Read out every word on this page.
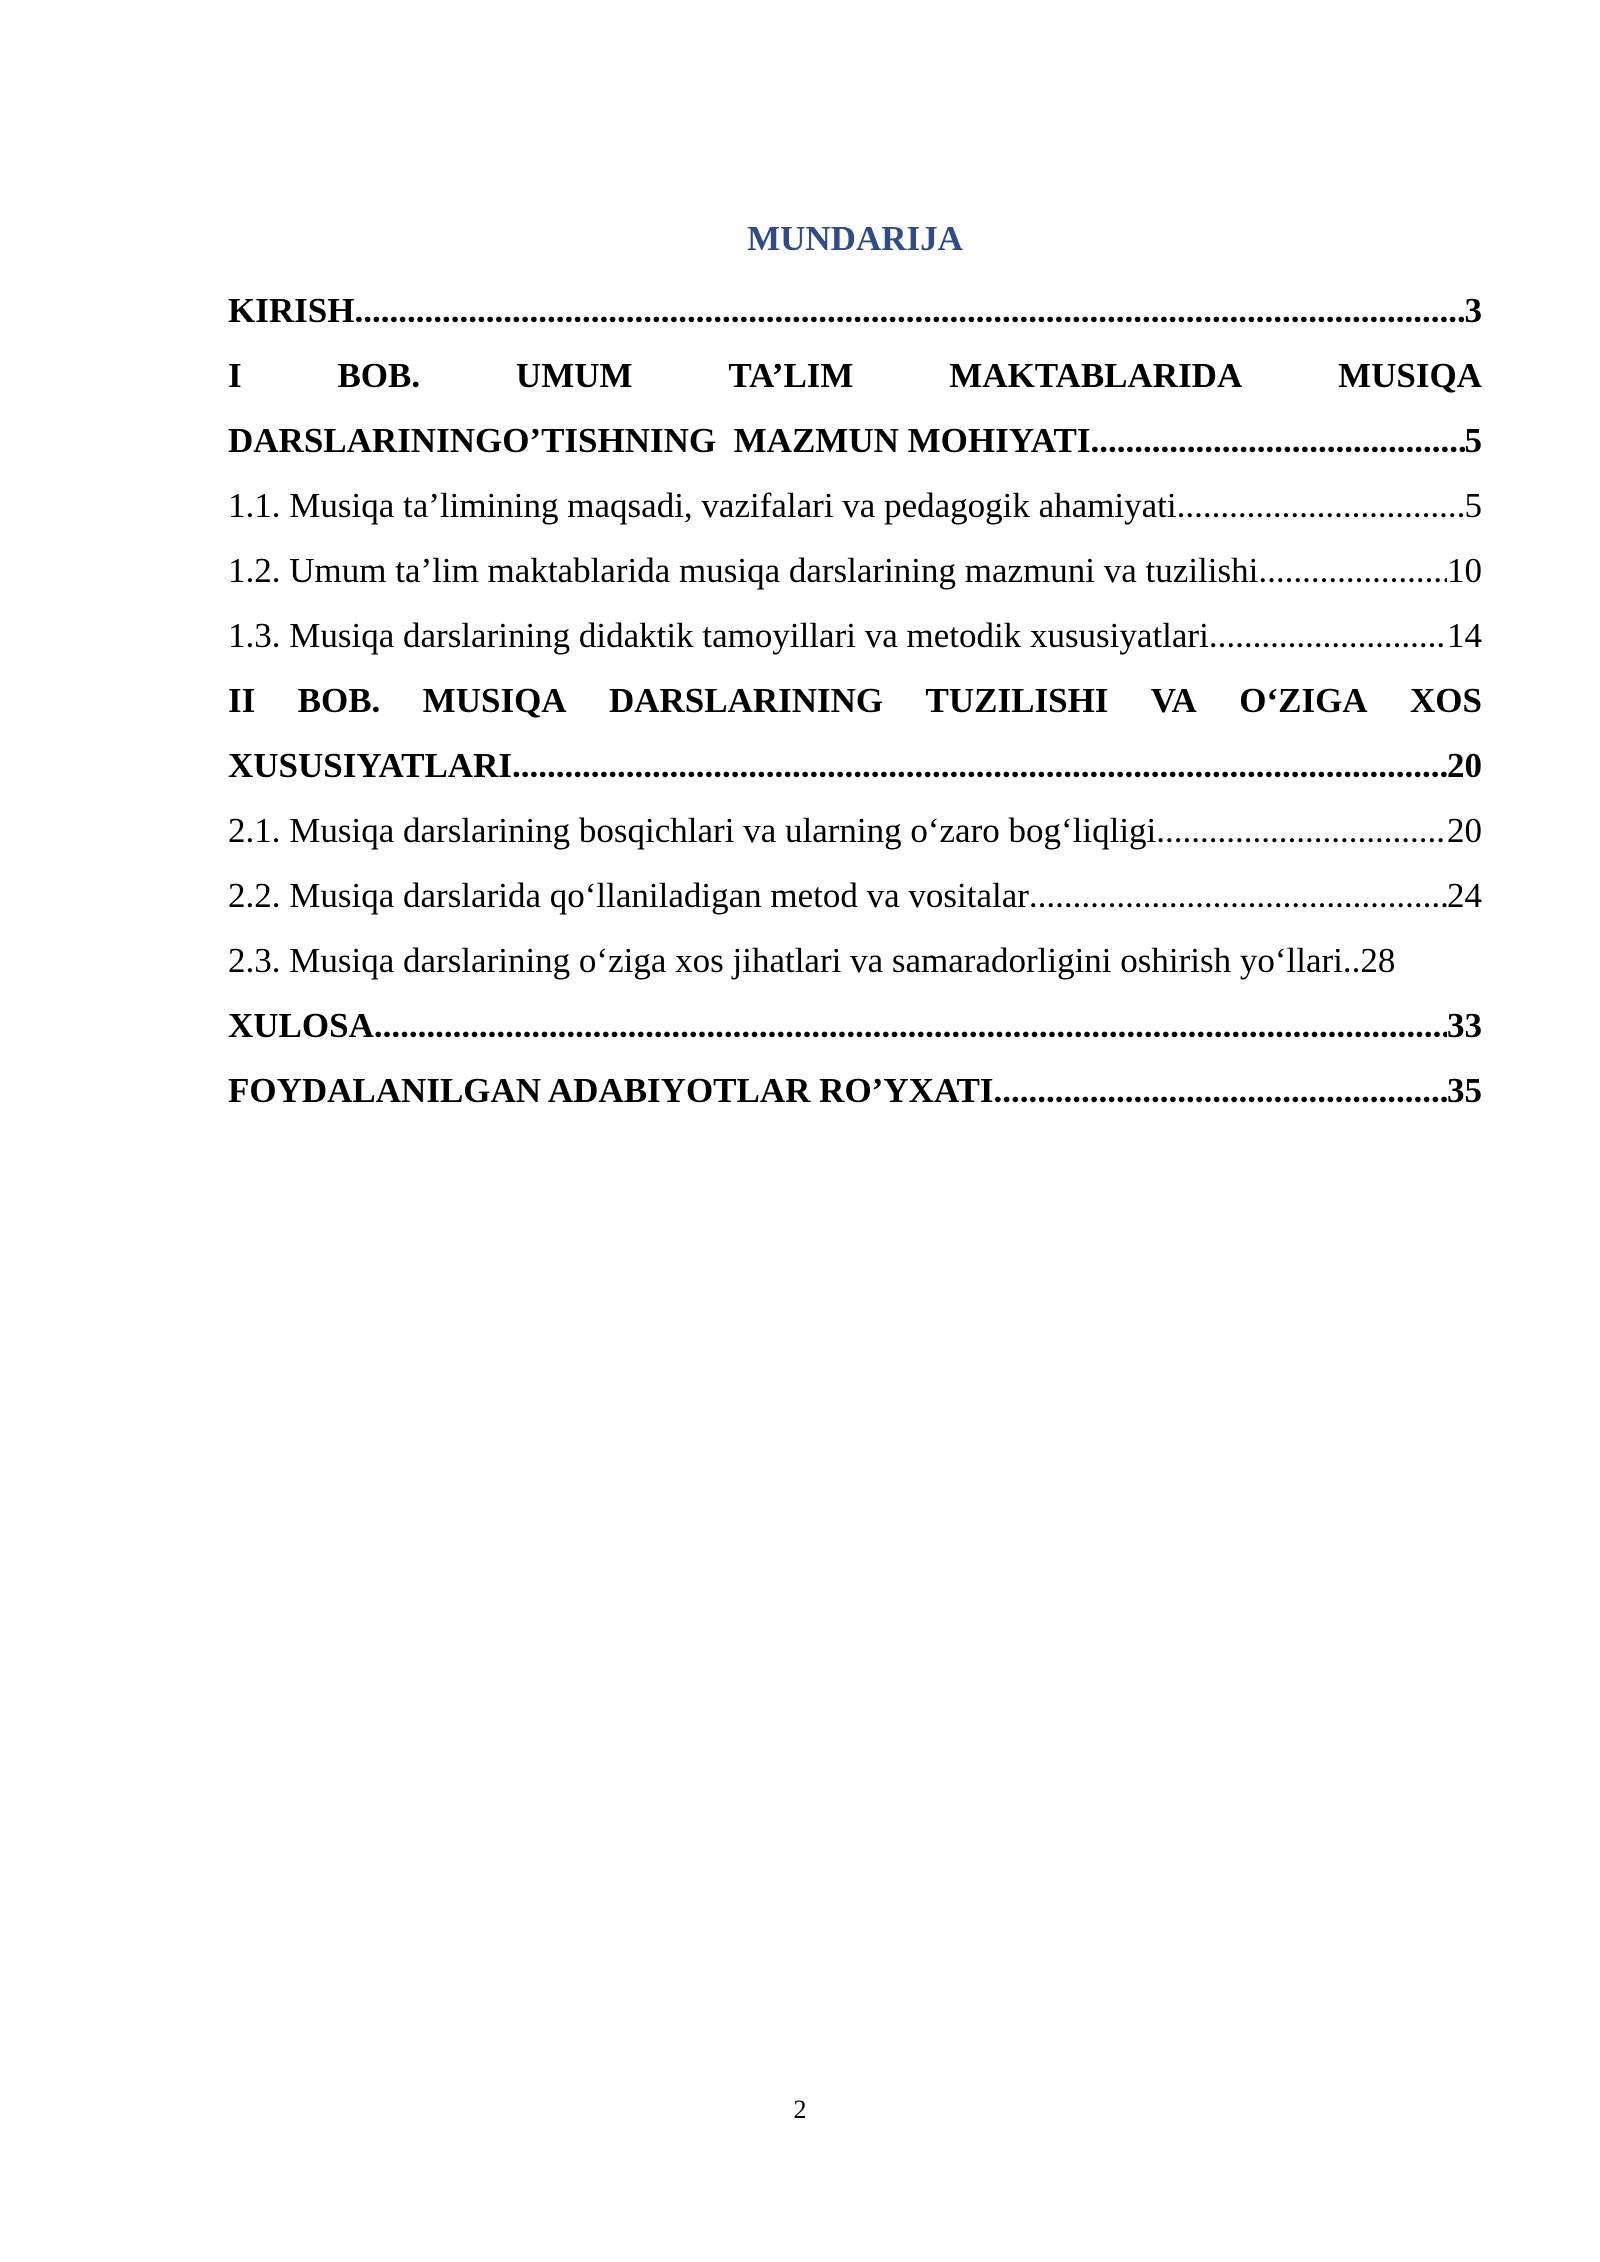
MUNDARIJA
KIRISH .....	3
I	BOB.	UMUM	TA’LIM	MAKTABLARIDA	MUSIQA
DARSLARININGO’TISHNING  MAZMUN MOHIYATI .....	5
1.1. Musiqa ta’limining maqsadi, vazifalari va pedagogik ahamiyati .....	5
1.2. Umum ta’lim maktablarida musiqa darslarining mazmuni va tuzilishi .....	10
1.3. Musiqa darslarining didaktik tamoyillari va metodik xususiyatlari .....	14
II BOB. MUSIQA DARSLARINING TUZILISHI VA O‘ZIGA XOS
XUSUSIYATLARI .....	20
2.1. Musiqa darslarining bosqichlari va ularning o‘zaro bog‘liqligi .....	20
2.2. Musiqa darslarida qo‘llaniladigan metod va vositalar .....	24
2.3. Musiqa darslarining o‘ziga xos jihatlari va samaradorligini oshirish yo‘llari.. 28
XULOSA .....	33
FOYDALANILGAN ADABIYOTLAR RO’YXATI .....	35
2
